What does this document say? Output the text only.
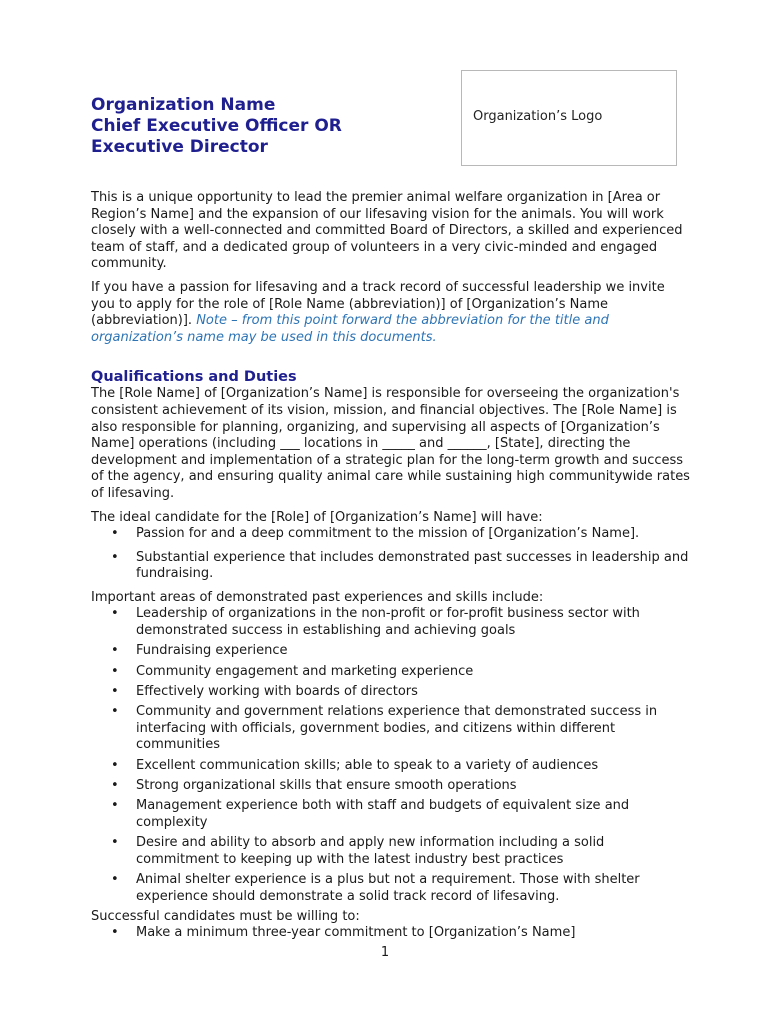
Organization Name
Chief Executive Officer OR
Executive Director
Organization’s Logo

This is a unique opportunity to lead the premier animal welfare organization in [Area or Region’s Name] and the expansion of our lifesaving vision for the animals. You will work closely with a well-connected and committed Board of Directors, a skilled and experienced team of staff, and a dedicated group of volunteers in a very civic-minded and engaged community.

If you have a passion for lifesaving and a track record of successful leadership we invite you to apply for the role of [Role Name (abbreviation)] of [Organization’s Name (abbreviation)]. Note – from this point forward the abbreviation for the title and organization’s name may be used in this documents.

Qualifications and Duties

The [Role Name] of [Organization’s Name] is responsible for overseeing the organization's consistent achievement of its vision, mission, and financial objectives. The [Role Name] is also responsible for planning, organizing, and supervising all aspects of [Organization’s Name] operations (including ___ locations in _____ and ______, [State], directing the development and implementation of a strategic plan for the long-term growth and success of the agency, and ensuring quality animal care while sustaining high communitywide rates of lifesaving.

The ideal candidate for the [Role] of [Organization’s Name] will have:

• Passion for and a deep commitment to the mission of [Organization’s Name].
• Substantial experience that includes demonstrated past successes in leadership and fundraising.

Important areas of demonstrated past experiences and skills include:

• Leadership of organizations in the non-profit or for-profit business sector with demonstrated success in establishing and achieving goals
• Fundraising experience
• Community engagement and marketing experience
• Effectively working with boards of directors
• Community and government relations experience that demonstrated success in interfacing with officials, government bodies, and citizens within different communities
• Excellent communication skills; able to speak to a variety of audiences
• Strong organizational skills that ensure smooth operations
• Management experience both with staff and budgets of equivalent size and complexity
• Desire and ability to absorb and apply new information including a solid commitment to keeping up with the latest industry best practices
• Animal shelter experience is a plus but not a requirement. Those with shelter experience should demonstrate a solid track record of lifesaving.

Successful candidates must be willing to:

• Make a minimum three-year commitment to [Organization’s Name]
1
